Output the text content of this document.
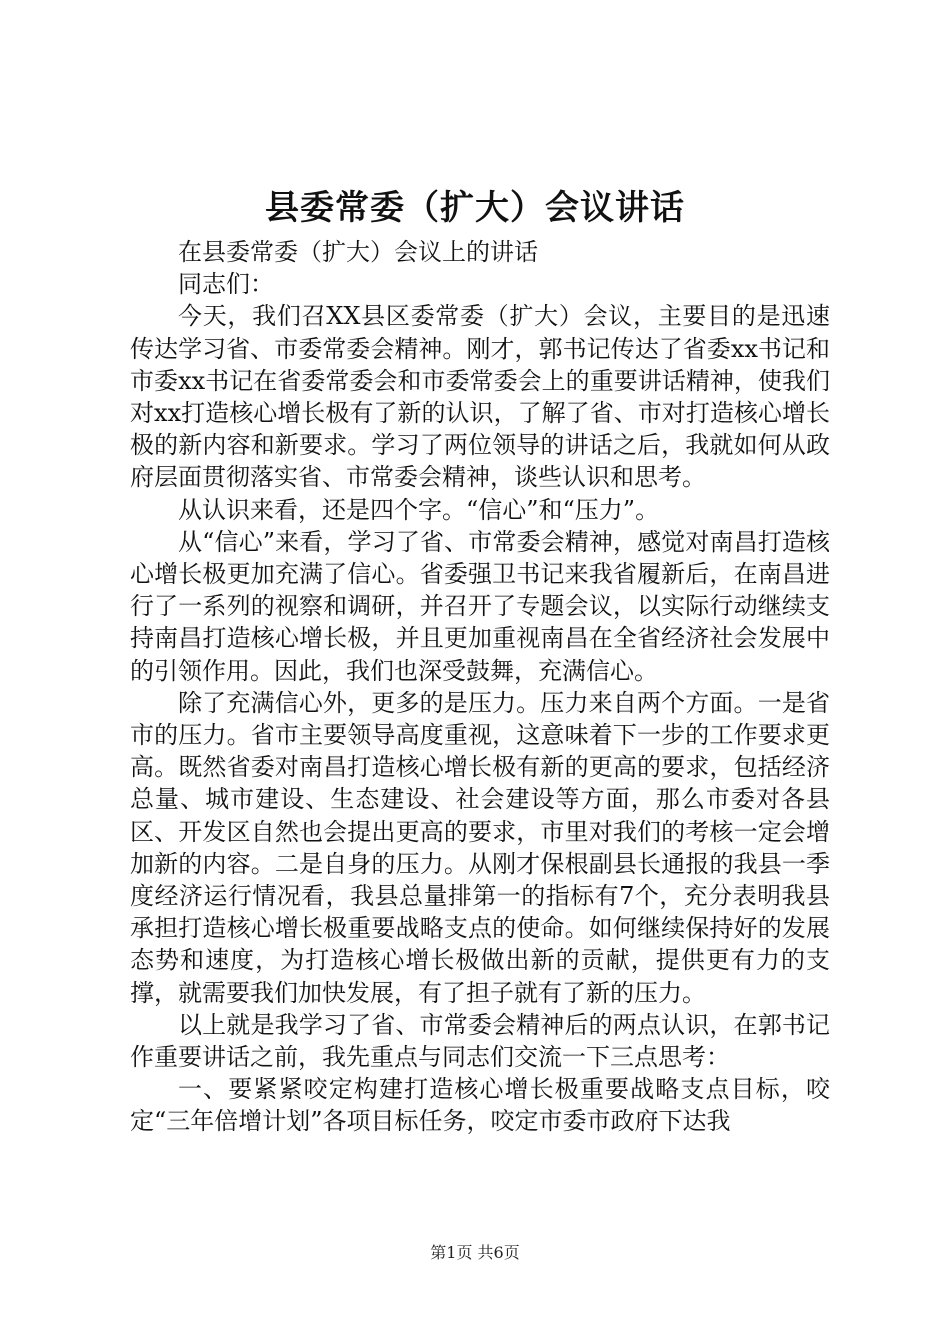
县委常委（扩大）会议讲话

在县委常委（扩大）会议上的讲话

同志们：

今天，我们召XX县区委常委（扩大）会议，主要目的是迅速传达学习省、市委常委会精神。刚才，郭书记传达了省委xx书记和市委xx书记在省委常委会和市委常委会上的重要讲话精神，使我们对xx打造核心增长极有了新的认识，了解了省、市对打造核心增长极的新内容和新要求。学习了两位领导的讲话之后，我就如何从政府层面贯彻落实省、市常委会精神，谈些认识和思考。

从认识来看，还是四个字。“信心”和“压力”。

从“信心”来看，学习了省、市常委会精神，感觉对南昌打造核心增长极更加充满了信心。省委强卫书记来我省履新后，在南昌进行了一系列的视察和调研，并召开了专题会议，以实际行动继续支持南昌打造核心增长极，并且更加重视南昌在全省经济社会发展中的引领作用。因此，我们也深受鼓舞，充满信心。

除了充满信心外，更多的是压力。压力来自两个方面。一是省市的压力。省市主要领导高度重视，这意味着下一步的工作要求更高。既然省委对南昌打造核心增长极有新的更高的要求，包括经济总量、城市建设、生态建设、社会建设等方面，那么市委对各县区、开发区自然也会提出更高的要求，市里对我们的考核一定会增加新的内容。二是自身的压力。从刚才保根副县长通报的我县一季度经济运行情况看，我县总量排第一的指标有7个，充分表明我县承担打造核心增长极重要战略支点的使命。如何继续保持好的发展态势和速度，为打造核心增长极做出新的贡献，提供更有力的支撑，就需要我们加快发展，有了担子就有了新的压力。

以上就是我学习了省、市常委会精神后的两点认识，在郭书记作重要讲话之前，我先重点与同志们交流一下三点思考：

一、要紧紧咬定构建打造核心增长极重要战略支点目标，咬定“三年倍增计划”各项目标任务，咬定市委市政府下达我

第1页 共6页
